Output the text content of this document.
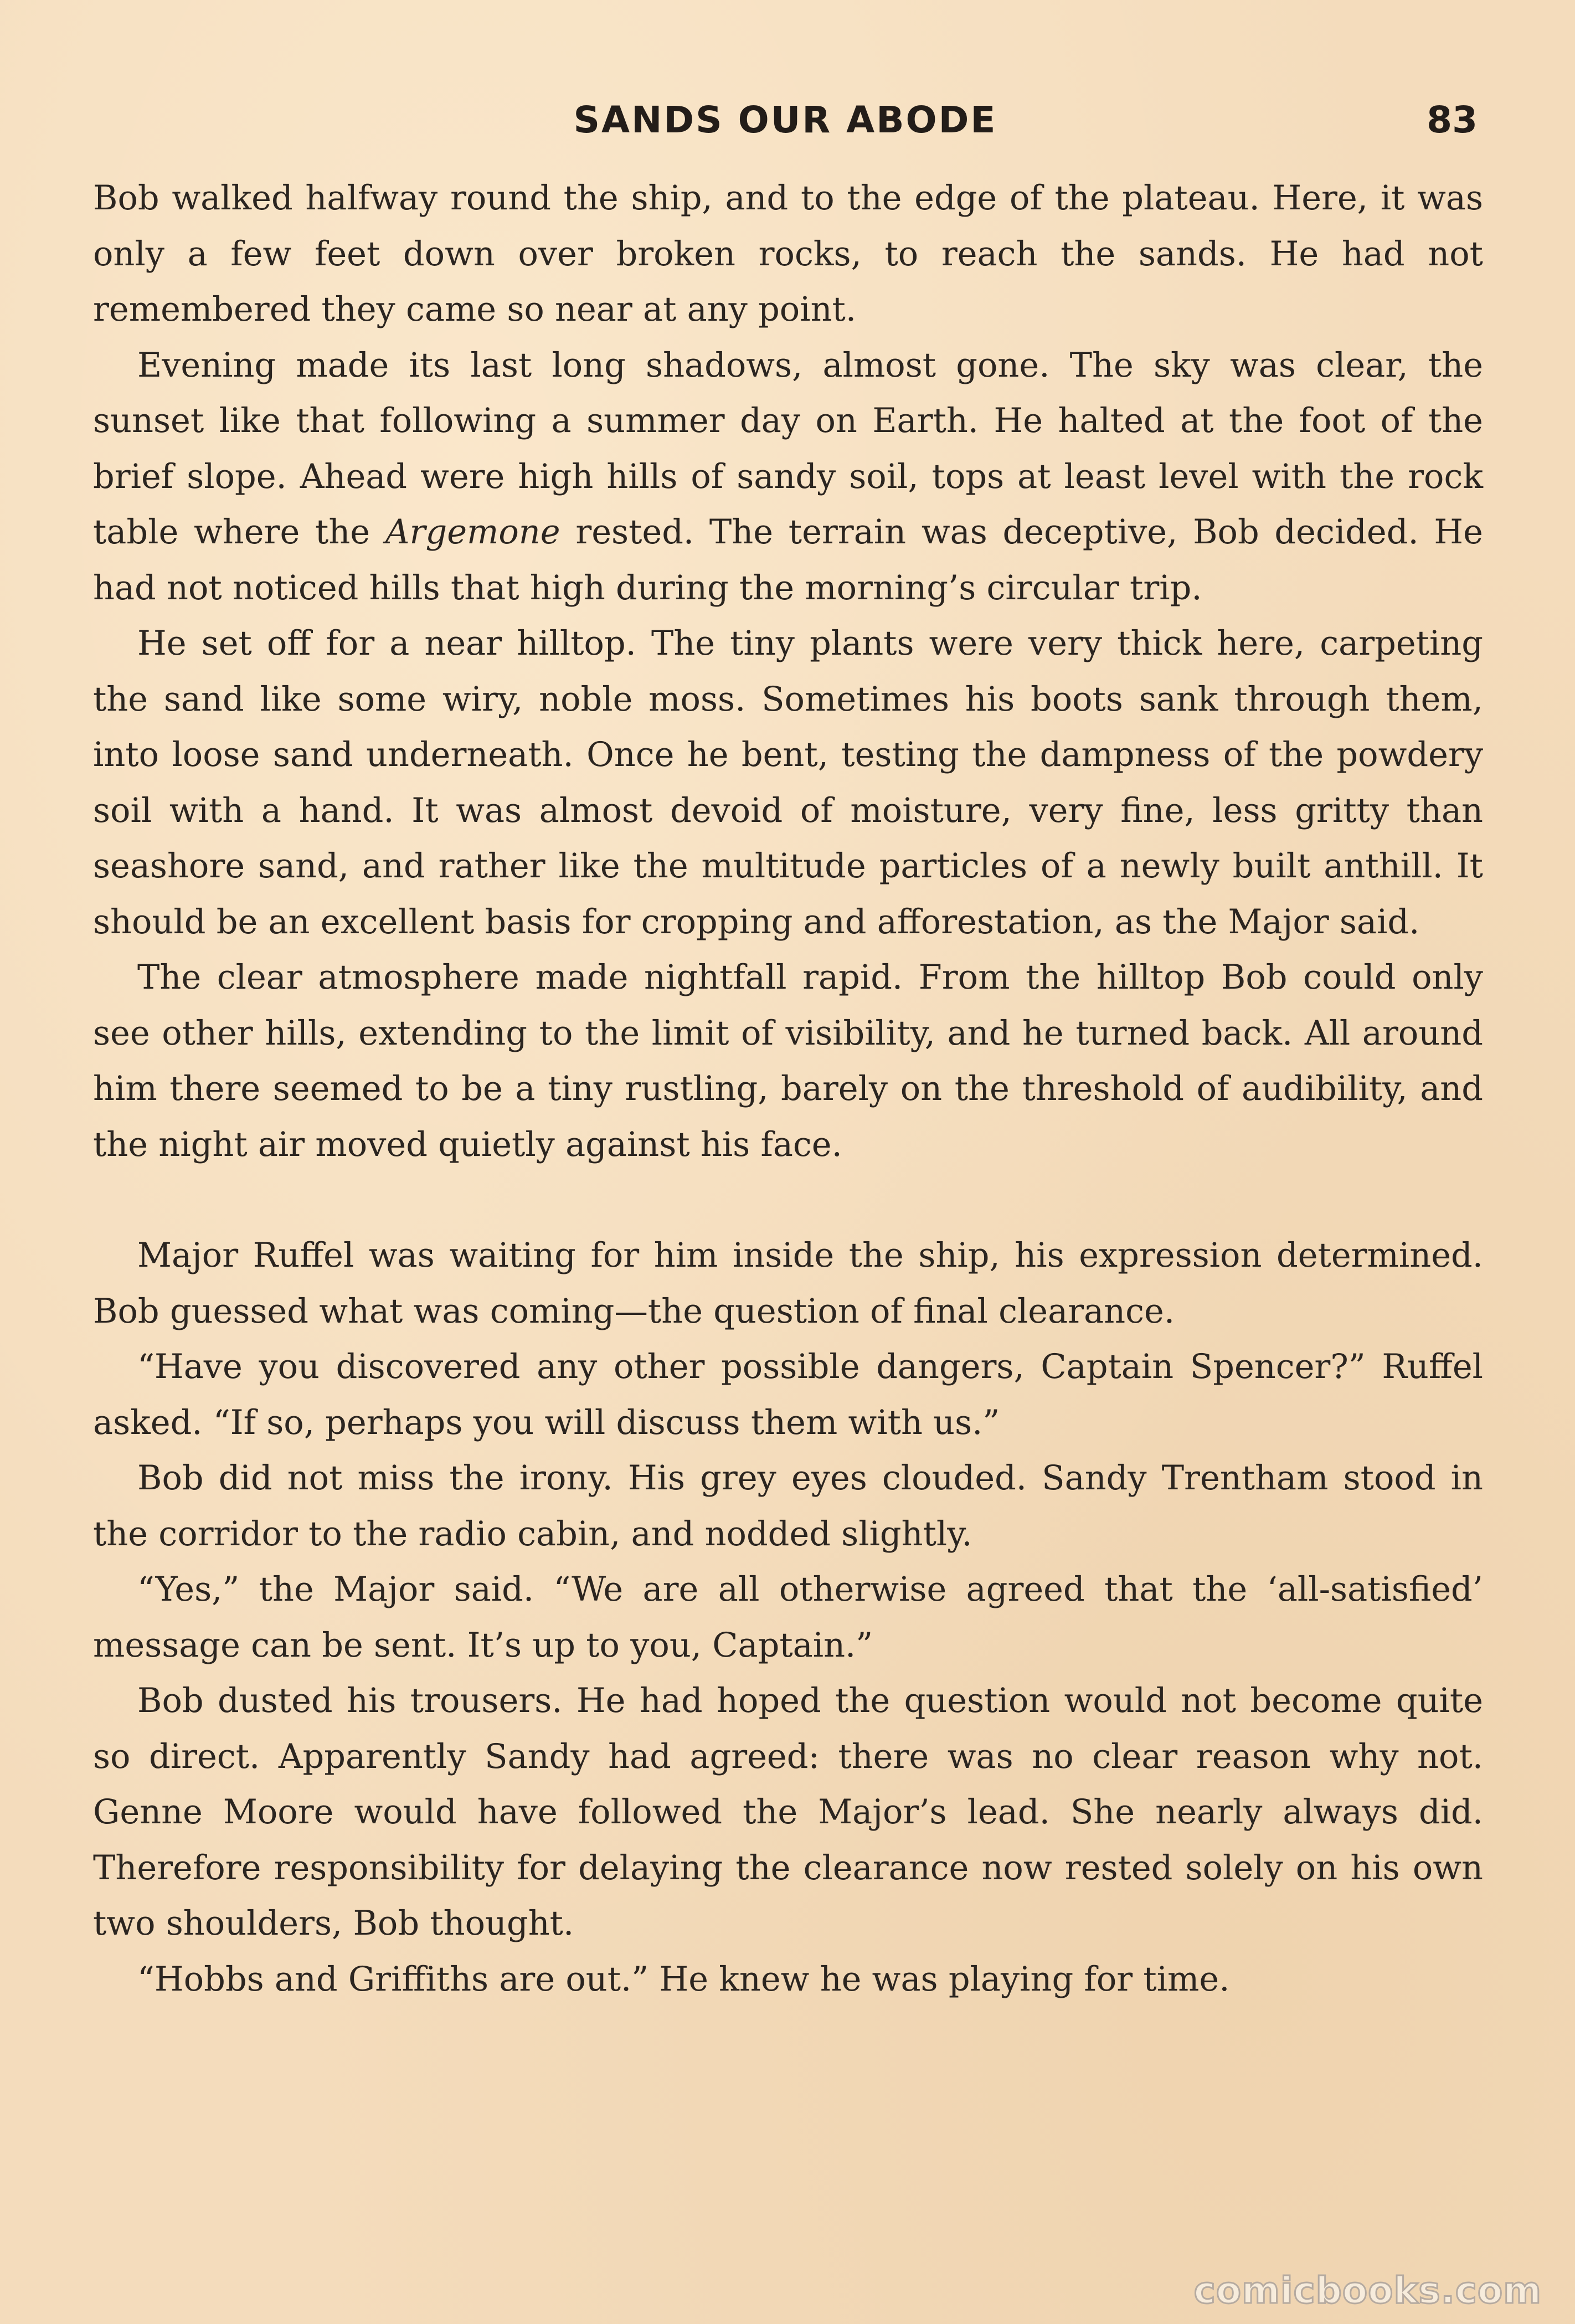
SANDS OUR ABODE	83

Bob walked halfway round the ship, and to the edge of the plateau. Here, it was only a few feet down over broken rocks, to reach the sands. He had not remembered they came so near at any point.

Evening made its last long shadows, almost gone. The sky was clear, the sunset like that following a summer day on Earth. He halted at the foot of the brief slope. Ahead were high hills of sandy soil, tops at least level with the rock table where the Argemone rested. The terrain was deceptive, Bob decided. He had not noticed hills that high during the morning’s circular trip.

He set off for a near hilltop. The tiny plants were very thick here, carpeting the sand like some wiry, noble moss. Sometimes his boots sank through them, into loose sand underneath. Once he bent, testing the dampness of the powdery soil with a hand. It was almost devoid of moisture, very fine, less gritty than seashore sand, and rather like the multitude particles of a newly built anthill. It should be an excellent basis for cropping and afforestation, as the Major said.

The clear atmosphere made nightfall rapid. From the hilltop Bob could only see other hills, extending to the limit of visibility, and he turned back. All around him there seemed to be a tiny rustling, barely on the threshold of audibility, and the night air moved quietly against his face.

Major Ruffel was waiting for him inside the ship, his expression determined. Bob guessed what was coming—the question of final clearance.

“Have you discovered any other possible dangers, Captain Spencer?” Ruffel asked. “If so, perhaps you will discuss them with us.”

Bob did not miss the irony. His grey eyes clouded. Sandy Trentham stood in the corridor to the radio cabin, and nodded slightly.

“Yes,” the Major said. “We are all otherwise agreed that the ‘all-satisfied’ message can be sent. It’s up to you, Captain.”

Bob dusted his trousers. He had hoped the question would not become quite so direct. Apparently Sandy had agreed: there was no clear reason why not. Genne Moore would have followed the Major’s lead. She nearly always did. Therefore responsibility for delaying the clearance now rested solely on his own two shoulders, Bob thought.

“Hobbs and Griffiths are out.” He knew he was playing for time.

comicbooks.com
